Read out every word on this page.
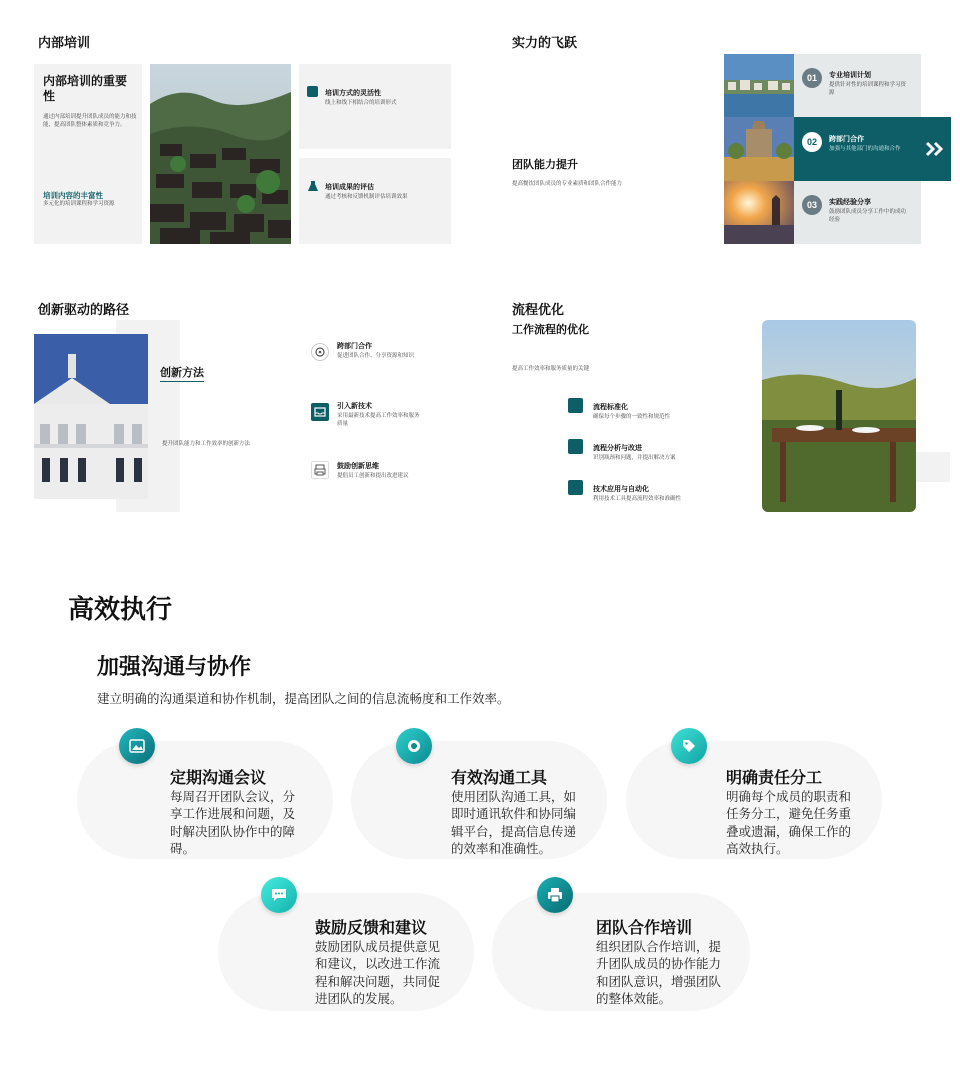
内部培训
内部培训的重要性
通过内部培训提升团队成员的能力和技能，提高团队整体素质和竞争力。
培训内容的丰富性
多元化的培训课程和学习资源
培训方式的灵活性
线上和线下相结合的培训形式
培训成果的评估
通过考核和反馈机制评估培训效果
实力的飞跃
团队能力提升
提高餐饮团队成员的专业素质和团队合作能力
01	专业培训计划
提供针对性的培训课程和学习资源
02	跨部门合作
加强与其他部门的沟通和合作
03	实践经验分享
鼓励团队成员分享工作中的成功经验
创新驱动的路径
创新方法
提升团队能力和工作效率的创新方法
跨部门合作
促进团队合作、分享资源和知识
引入新技术
采用最新技术提高工作效率和服务质量
鼓励创新思维
提倡员工创新和提出改进建议
流程优化
工作流程的优化
提高工作效率和服务质量的关键
流程标准化
确保每个步骤的一致性和规范性
流程分析与改进
识别瓶颈和问题，并提出解决方案
技术应用与自动化
利用技术工具提高流程效率和准确性
高效执行
加强沟通与协作
建立明确的沟通渠道和协作机制，提高团队之间的信息流畅度和工作效率。
定期沟通会议
每周召开团队会议，分享工作进展和问题，及时解决团队协作中的障碍。
有效沟通工具
使用团队沟通工具，如即时通讯软件和协同编辑平台，提高信息传递的效率和准确性。
明确责任分工
明确每个成员的职责和任务分工，避免任务重叠或遗漏，确保工作的高效执行。
鼓励反馈和建议
鼓励团队成员提供意见和建议，以改进工作流程和解决问题，共同促进团队的发展。
团队合作培训
组织团队合作培训，提升团队成员的协作能力和团队意识，增强团队的整体效能。
